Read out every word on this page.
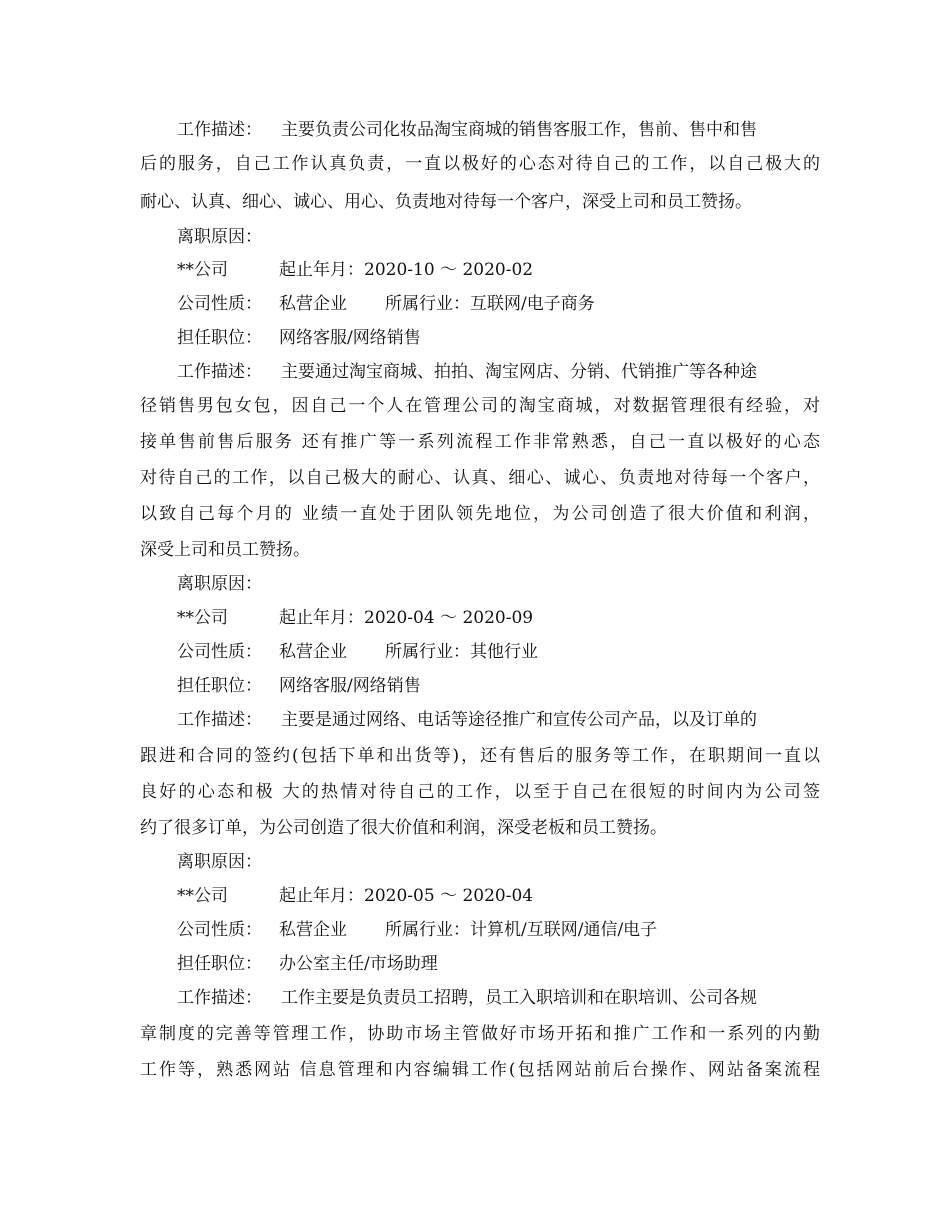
工作描述： 主要负责公司化妆品淘宝商城的销售客服工作，售前、售中和售
后的服务，自己工作认真负责，一直以极好的心态对待自己的工作，以自己极大的
耐心、认真、细心、诚心、用心、负责地对待每一个客户，深受上司和员工赞扬。
离职原因：
**公司	起止年月：2020-10 ～ 2020-02
公司性质： 私营企业 所属行业：互联网/电子商务
担任职位： 网络客服/网络销售
工作描述： 主要通过淘宝商城、拍拍、淘宝网店、分销、代销推广等各种途
径销售男包女包，因自己一个人在管理公司的淘宝商城，对数据管理很有经验，对
接单售前售后服务 还有推广等一系列流程工作非常熟悉，自己一直以极好的心态
对待自己的工作，以自己极大的耐心、认真、细心、诚心、负责地对待每一个客户，
以致自己每个月的 业绩一直处于团队领先地位，为公司创造了很大价值和利润，
深受上司和员工赞扬。
离职原因：
**公司	起止年月：2020-04 ～ 2020-09
公司性质： 私营企业 所属行业：其他行业
担任职位： 网络客服/网络销售
工作描述： 主要是通过网络、电话等途径推广和宣传公司产品，以及订单的
跟进和合同的签约(包括下单和出货等)，还有售后的服务等工作，在职期间一直以
良好的心态和极 大的热情对待自己的工作，以至于自己在很短的时间内为公司签
约了很多订单，为公司创造了很大价值和利润，深受老板和员工赞扬。
离职原因：
**公司	起止年月：2020-05 ～ 2020-04
公司性质： 私营企业 所属行业：计算机/互联网/通信/电子
担任职位： 办公室主任/市场助理
工作描述： 工作主要是负责员工招聘，员工入职培训和在职培训、公司各规
章制度的完善等管理工作，协助市场主管做好市场开拓和推广工作和一系列的内勤
工作等，熟悉网站 信息管理和内容编辑工作(包括网站前后台操作、网站备案流程
